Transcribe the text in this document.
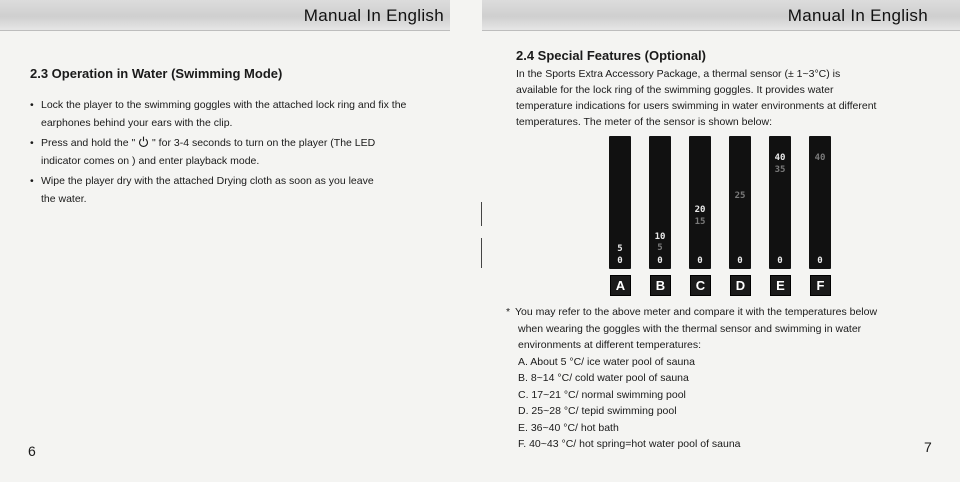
Manual In English
2.3 Operation in Water (Swimming Mode)
• Lock the player to the swimming goggles with the attached lock ring and fix the
earphones behind your ears with the clip.
• Press and hold the "  " for 3-4 seconds to turn on the player (The LED
indicator comes on ) and enter playback mode.
• Wipe the player dry with the attached Drying cloth as soon as you leave
the water.
6
Manual In English
2.4 Special Features (Optional)
In the Sports Extra Accessory Package, a thermal sensor (± 1~3°C) is
available for the lock ring of the swimming goggles. It provides water
temperature indications for users swimming in water environments at different
temperatures. The meter of the sensor is shown below:
5
0
10
5
0
20
15
0
25
0
40
35
0
40
0
A	B	C	D	E	F
* You may refer to the above meter and compare it with the temperatures below
when wearing the goggles with the thermal sensor and swimming in water
environments at different temperatures:
A. About 5 °C/ ice water pool of sauna
B. 8~14 °C/ cold water pool of sauna
C. 17~21 °C/ normal swimming pool
D. 25~28 °C/ tepid swimming pool
E. 36~40 °C/ hot bath
F. 40~43 °C/ hot spring=hot water pool of sauna	7
